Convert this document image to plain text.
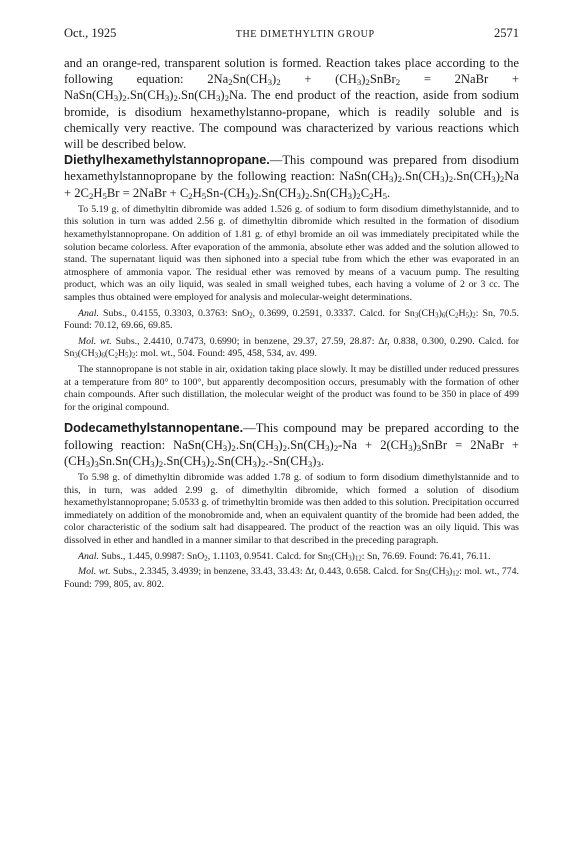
Oct., 1925	THE DIMETHYLTIN GROUP	2571

and an orange-red, transparent solution is formed. Reaction takes place according to the following equation: $2Na_2Sn(CH_3)_2$ + $(CH_3)_2SnBr_2$ = 2NaBr + $NaSn(CH_3)_2.Sn(CH_3)_2.Sn(CH_3)_2Na$. The end product of the reaction, aside from sodium bromide, is disodium hexamethylstanno-propane, which is readily soluble and is chemically very reactive. The compound was characterized by various reactions which will be described below.

Diethylhexamethylstannopropane.—This compound was prepared from disodium hexamethylstannopropane by the following reaction: $NaSn(CH_3)_2.Sn(CH_3)_2.Sn(CH_3)_2Na + 2C_2H_5Br$ = 2NaBr + $C_2H_5Sn-(CH_3)_2.Sn(CH_3)_2.Sn(CH_3)_2C_2H_5$.

To 5.19 g. of dimethyltin dibromide was added 1.526 g. of sodium to form disodium dimethylstannide, and to this solution in turn was added 2.56 g. of dimethyltin dibromide which resulted in the formation of disodium hexamethylstannopropane. On addition of 1.81 g. of ethyl bromide an oil was immediately precipitated while the solution became colorless. After evaporation of the ammonia, absolute ether was added and the solution allowed to stand. The supernatant liquid was then siphoned into a special tube from which the ether was evaporated in an atmosphere of ammonia vapor. The residual ether was removed by means of a vacuum pump. The resulting product, which was an oily liquid, was sealed in small weighed tubes, each having a volume of 2 or 3 cc. The samples thus obtained were employed for analysis and molecular-weight determinations.

Anal. Subs., 0.4155, 0.3303, 0.3763: SnO$_2$, 0.3699, 0.2591, 0.3337. Calcd. for $Sn_3(CH_3)_6(C_2H_5)_2$: Sn, 70.5. Found: 70.12, 69.66, 69.85.

Mol. wt. Subs., 2.4410, 0.7473, 0.6990; in benzene, 29.37, 27.59, 28.87: Δt, 0.838, 0.300, 0.290. Calcd. for $Sn_3(CH_3)_6(C_2H_5)_2$: mol. wt., 504. Found: 495, 458, 534, av. 499.

The stannopropane is not stable in air, oxidation taking place slowly. It may be distilled under reduced pressures at a temperature from 80° to 100°, but apparently decomposition occurs, presumably with the formation of other chain compounds. After such distillation, the molecular weight of the product was found to be 350 in place of 499 for the original compound.

Dodecamethylstannopentane.—This compound may be prepared according to the following reaction: $NaSn(CH_3)_2.Sn(CH_3)_2.Sn(CH_3)_2-Na$ + $2(CH_3)_3SnBr$ = 2NaBr + $(CH_3)_3Sn.Sn(CH_3)_2.Sn(CH_3)_2.Sn(CH_3)_2.-Sn(CH_3)_3$.

To 5.98 g. of dimethyltin dibromide was added 1.78 g. of sodium to form disodium dimethylstannide and to this, in turn, was added 2.99 g. of dimethyltin dibromide, which formed a solution of disodium hexamethylstannopropane; 5.0533 g. of trimethyltin bromide was then added to this solution. Precipitation occurred immediately on addition of the monobromide and, when an equivalent quantity of the bromide had been added, the color characteristic of the sodium salt had disappeared. The product of the reaction was an oily liquid. This was dissolved in ether and handled in a manner similar to that described in the preceding paragraph.

Anal. Subs., 1.445, 0.9987: SnO$_2$, 1.1103, 0.9541. Calcd. for $Sn_5(CH_3)_{12}$: Sn, 76.69. Found: 76.41, 76.11.

Mol. wt. Subs., 2.3345, 3.4939; in benzene, 33.43, 33.43: Δt, 0.443, 0.658. Calcd. for $Sn_5(CH_3)_{12}$: mol. wt., 774. Found: 799, 805, av. 802.
